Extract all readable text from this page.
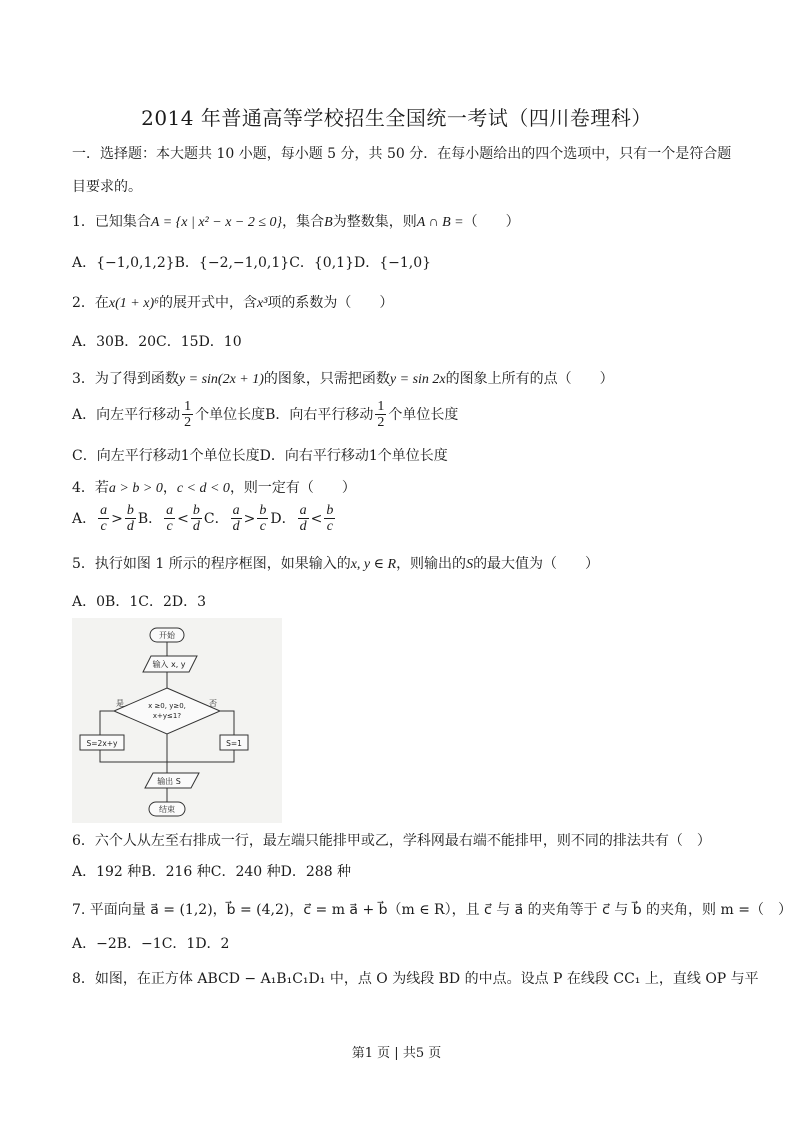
2014 年普通高等学校招生全国统一考试（四川卷理科）
一．选择题：本大题共 10 小题，每小题 5 分，共 50 分．在每小题给出的四个选项中，只有一个是符合题
目要求的。
1．已知集合A = {x | x² − x − 2 ≤ 0}，集合B为整数集，则A ∩ B =（　　）
A．{−1,0,1,2}B．{−2,−1,0,1}C．{0,1}D．{−1,0}
2．在x(1 + x)⁶的展开式中，含x³项的系数为（　　）
A．30B．20C．15D．10
3．为了得到函数y = sin(2x + 1)的图象，只需把函数y = sin 2x的图象上所有的点（　　）
A．向左平行移动 $\frac{1}{2}$ 个单位长度B．向右平行移动 $\frac{1}{2}$ 个单位长度
C．向左平行移动1个单位长度D．向右平行移动1个单位长度
4．若a > b > 0，c < d < 0，则一定有（　　）
A． $\frac{a}{c} > \frac{b}{d}$ B． $\frac{a}{c} < \frac{b}{d}$ C． $\frac{a}{d} > \frac{b}{c}$ D． $\frac{a}{d} < \frac{b}{c}$
5．执行如图 1 所示的程序框图，如果输入的x, y ∈ R，则输出的S的最大值为（　　）
A．0B．1C．2D．3
开始
输入 x, y
x ≥0, y≥0,
x+y≤1?
是	否
S=2x+y	S=1
输出 S
结束
6．六个人从左至右排成一行，最左端只能排甲或乙，学科网最右端不能排甲，则不同的排法共有（　）
A．192 种B．216 种C．240 种D．288 种
7. 平面向量 a⃗ = (1,2)，b⃗ = (4,2)，c⃗ = m a⃗ + b⃗（m ∈ R），且 c⃗ 与 a⃗ 的夹角等于 c⃗ 与 b⃗ 的夹角，则 m =（　）
A．−2B．−1C．1D．2
8．如图，在正方体 ABCD − A₁B₁C₁D₁ 中，点 O 为线段 BD 的中点。设点 P 在线段 CC₁ 上，直线 OP 与平
第1 页 | 共5 页
